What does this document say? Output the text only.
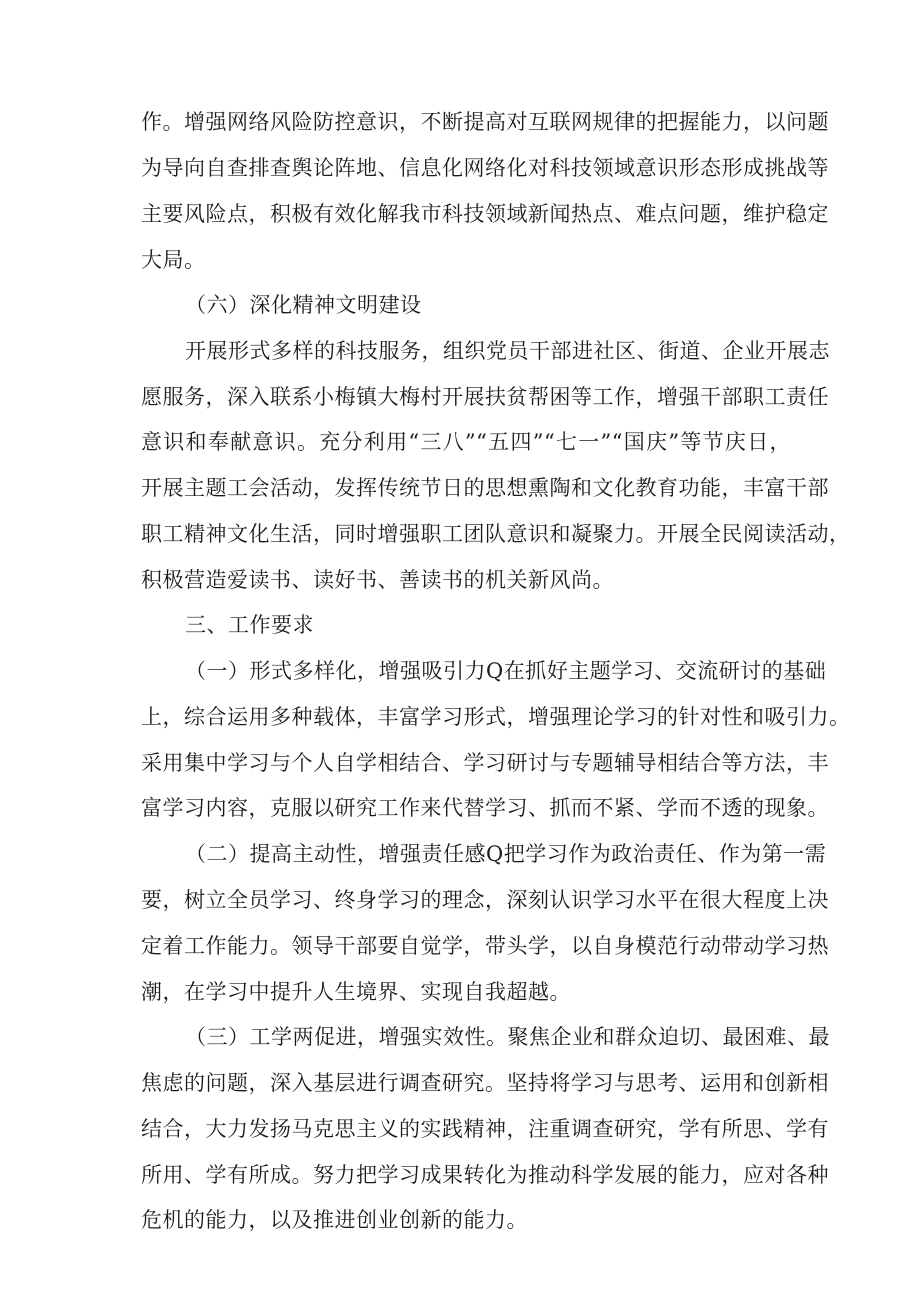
作。增强网络风险防控意识，不断提高对互联网规律的把握能力，以问题
为导向自查排查舆论阵地、信息化网络化对科技领域意识形态形成挑战等
主要风险点，积极有效化解我市科技领域新闻热点、难点问题，维护稳定
大局。
（六）深化精神文明建设
开展形式多样的科技服务，组织党员干部进社区、街道、企业开展志
愿服务，深入联系小梅镇大梅村开展扶贫帮困等工作，增强干部职工责任
意识和奉献意识。充分利用“三八”“五四”“七一”“国庆”等节庆日，
开展主题工会活动，发挥传统节日的思想熏陶和文化教育功能，丰富干部
职工精神文化生活，同时增强职工团队意识和凝聚力。开展全民阅读活动，
积极营造爱读书、读好书、善读书的机关新风尚。
三、工作要求
（一）形式多样化，增强吸引力Q在抓好主题学习、交流研讨的基础
上，综合运用多种载体，丰富学习形式，增强理论学习的针对性和吸引力。
采用集中学习与个人自学相结合、学习研讨与专题辅导相结合等方法，丰
富学习内容，克服以研究工作来代替学习、抓而不紧、学而不透的现象。
（二）提高主动性，增强责任感Q把学习作为政治责任、作为第一需
要，树立全员学习、终身学习的理念，深刻认识学习水平在很大程度上决
定着工作能力。领导干部要自觉学，带头学，以自身模范行动带动学习热
潮，在学习中提升人生境界、实现自我超越。
（三）工学两促进，增强实效性。聚焦企业和群众迫切、最困难、最
焦虑的问题，深入基层进行调查研究。坚持将学习与思考、运用和创新相
结合，大力发扬马克思主义的实践精神，注重调查研究，学有所思、学有
所用、学有所成。努力把学习成果转化为推动科学发展的能力，应对各种
危机的能力，以及推进创业创新的能力。
